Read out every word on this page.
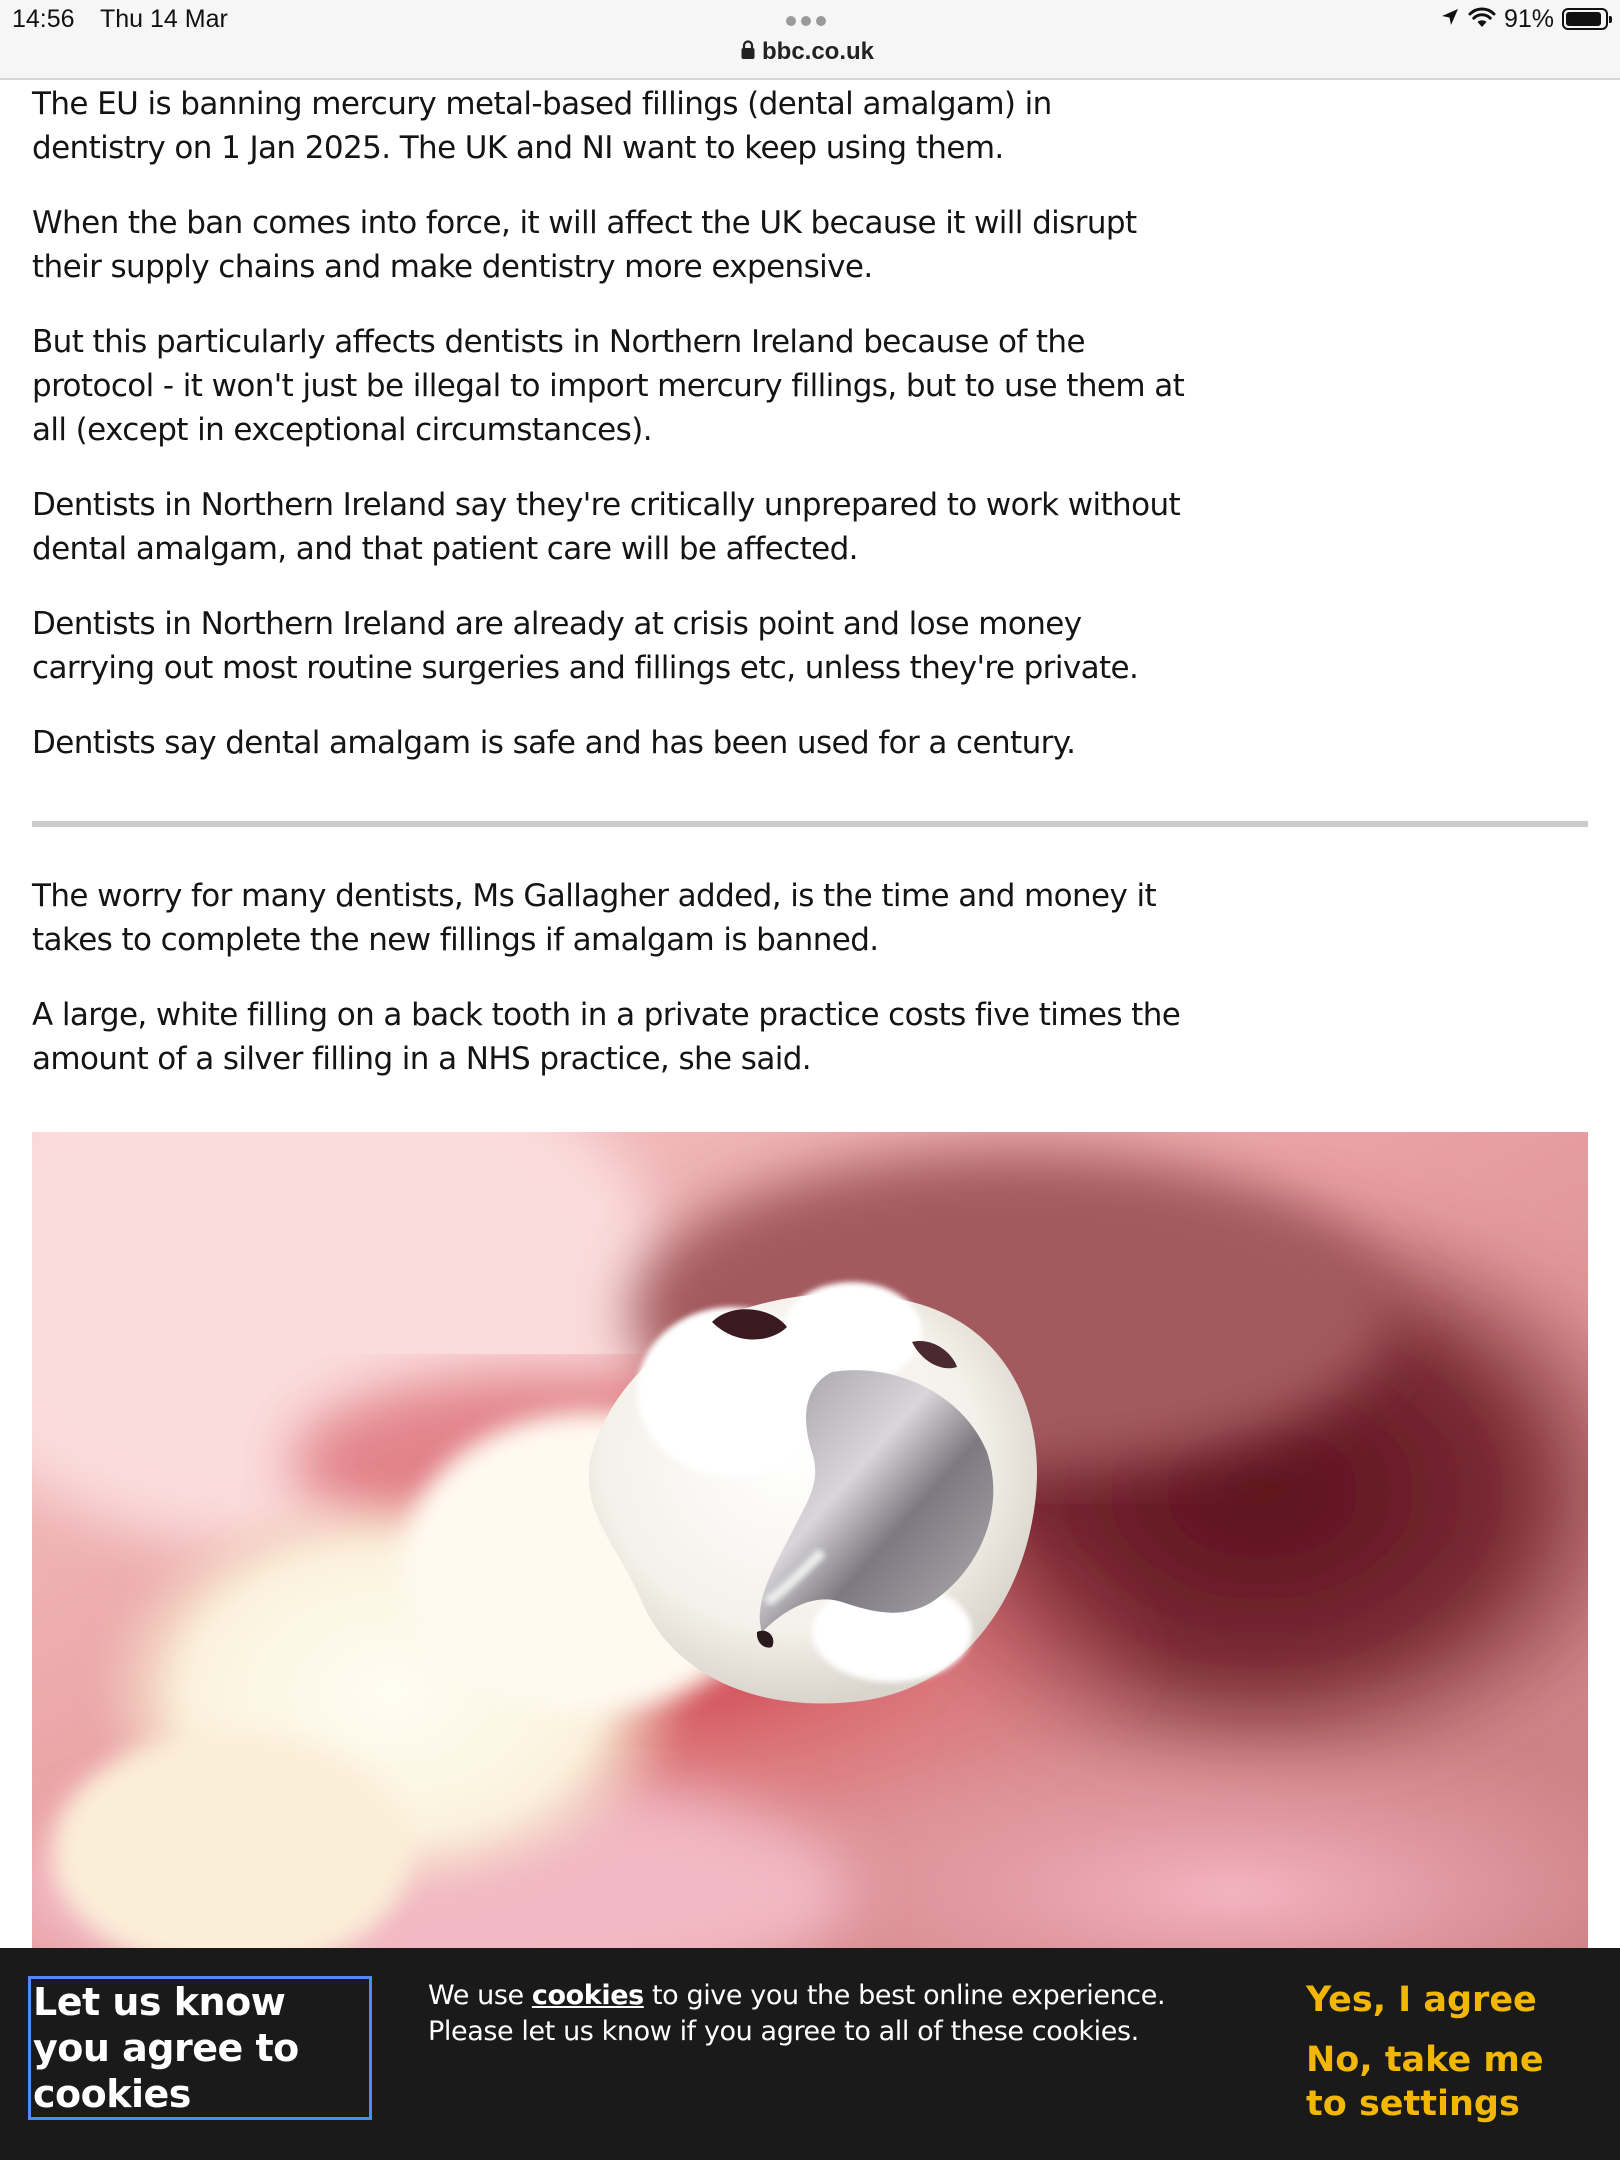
14:56 Thu 14 Mar
bbc.co.uk
91%

The EU is banning mercury metal-based fillings (dental amalgam) in dentistry on 1 Jan 2025. The UK and NI want to keep using them.

When the ban comes into force, it will affect the UK because it will disrupt their supply chains and make dentistry more expensive.

But this particularly affects dentists in Northern Ireland because of the protocol - it won't just be illegal to import mercury fillings, but to use them at all (except in exceptional circumstances).

Dentists in Northern Ireland say they're critically unprepared to work without dental amalgam, and that patient care will be affected.

Dentists in Northern Ireland are already at crisis point and lose money carrying out most routine surgeries and fillings etc, unless they're private.

Dentists say dental amalgam is safe and has been used for a century.

The worry for many dentists, Ms Gallagher added, is the time and money it takes to complete the new fillings if amalgam is banned.

A large, white filling on a back tooth in a private practice costs five times the amount of a silver filling in a NHS practice, she said.

Let us know you agree to cookies
We use cookies to give you the best online experience. Please let us know if you agree to all of these cookies.
Yes, I agree
No, take me to settings
